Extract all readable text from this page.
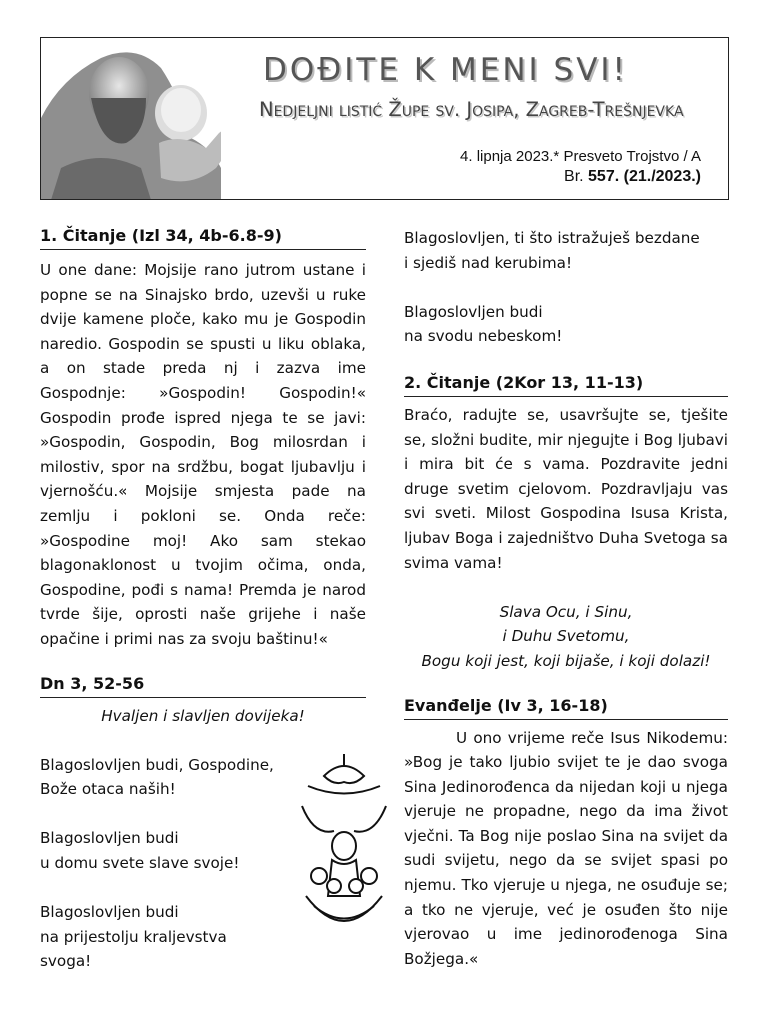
DOĐITE K MENI SVI!
Nedjeljni listić Župe sv. Josipa, Zagreb-Trešnjevka
4. lipnja 2023.* Presveto Trojstvo / A
Br. 557. (21./2023.)
1. Čitanje (Izl 34, 4b-6.8-9)

U one dane: Mojsije rano jutrom ustane i popne se na Sinajsko brdo, uzevši u ruke dvije kamene ploče, kako mu je Gospodin naredio. Gospodin se spusti u liku oblaka, a on stade preda nj i zazva ime Gospodnje: »Gospodin! Gospodin!« Gospodin prođe ispred njega te se javi: »Gospodin, Gospodin, Bog milosrdan i milostiv, spor na srdžbu, bogat ljubavlju i vjernošću.« Mojsije smjesta pade na zemlju i pokloni se. Onda reče: »Gospodine moj! Ako sam stekao blagonaklonost u tvojim očima, onda, Gospodine, pođi s nama! Premda je narod tvrde šije, oprosti naše grijehe i naše opačine i primi nas za svoju baštinu!«

Dn 3, 52-56

Hvaljen i slavljen dovijeka!

Blagoslovljen budi, Gospodine,

Bože otaca naših!

Blagoslovljen budi

u domu svete slave svoje!

Blagoslovljen budi

na prijestolju kraljevstva svoga!

Blagoslovljen, ti što istražuješ bezdane

i sjediš nad kerubima!

Blagoslovljen budi

na svodu nebeskom!

2. Čitanje (2Kor 13, 11-13)

Braćo, radujte se, usavršujte se, tješite se, složni budite, mir njegujte i Bog ljubavi i mira bit će s vama. Pozdravite jedni druge svetim cjelovom. Pozdravljaju vas svi sveti. Milost Gospodina Isusa Krista, ljubav Boga i zajedništvo Duha Svetoga sa svima vama!

Slava Ocu, i Sinu,

i Duhu Svetomu,

Bogu koji jest, koji bijaše, i koji dolazi!

Evanđelje (Iv 3, 16-18)

U ono vrijeme reče Isus Nikodemu: »Bog je tako ljubio svijet te je dao svoga Sina Jedinorođenca da nijedan koji u njega vjeruje ne propadne, nego da ima život vječni. Ta Bog nije poslao Sina na svijet da sudi svijetu, nego da se svijet spasi po njemu. Tko vjeruje u njega, ne osuđuje se; a tko ne vjeruje, već je osuđen što nije vjerovao u ime jedinorođenoga Sina Božjega.«
